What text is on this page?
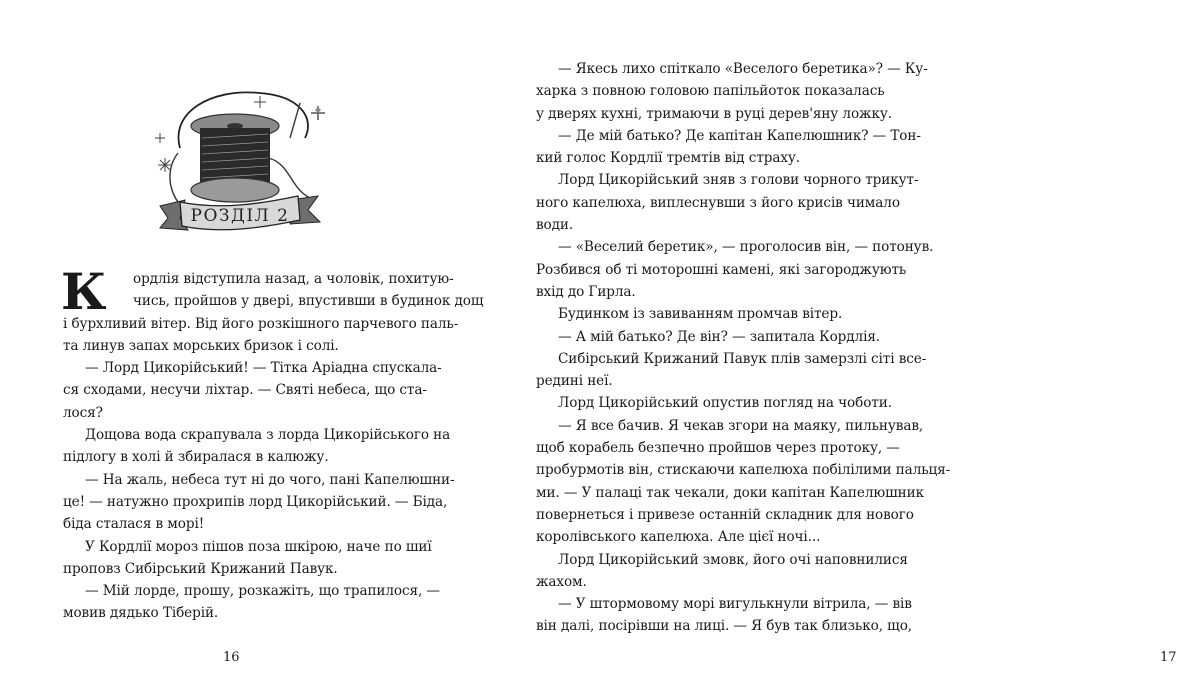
РОЗДІЛ 2
К	ордлія відступила назад, а чоловік, похитую-
чись, пройшов у двері, впустивши в будинок дощ
і бурхливий вітер. Від його розкішного парчевого паль-
та линув запах морських бризок і солі.
— Лорд Цикорійський! — Тітка Аріадна спускала-
ся сходами, несучи ліхтар. — Святі небеса, що ста-
лося?
Дощова вода скрапувала з лорда Цикорійського на
підлогу в холі й збиралася в калюжу.
— На жаль, небеса тут ні до чого, пані Капелюшни-
це! — натужно прохрипів лорд Цикорійський. — Біда,
біда сталася в морі!
У Кордлії мороз пішов поза шкірою, наче по шиї
проповз Сибірський Крижаний Павук.
— Мій лорде, прошу, розкажіть, що трапилося, —
мовив дядько Тіберій.
16	17
— Якесь лихо спіткало «Веселого беретика»? — Ку-
харка з повною головою папільйоток показалась
у дверях кухні, тримаючи в руці дерев'яну ложку.
— Де мій батько? Де капітан Капелюшник? — Тон-
кий голос Кордлії тремтів від страху.
Лорд Цикорійський зняв з голови чорного трикут-
ного капелюха, виплеснувши з його крисів чимало
води.
— «Веселий беретик», — проголосив він, — потонув.
Розбився об ті моторошні камені, які загороджують
вхід до Гирла.
Будинком із завиванням промчав вітер.
— А мій батько? Де він? — запитала Кордлія.
Сибірський Крижаний Павук плів замерзлі сіті все-
редині неї.
Лорд Цикорійський опустив погляд на чоботи.
— Я все бачив. Я чекав згори на маяку, пильнував,
щоб корабель безпечно пройшов через протоку, —
пробурмотів він, стискаючи капелюха побілілими пальця-
ми. — У палаці так чекали, доки капітан Капелюшник
повернеться і привезе останній складник для нового
королівського капелюха. Але цієї ночі...
Лорд Цикорійський змовк, його очі наповнилися
жахом.
— У штормовому морі вигулькнули вітрила, — вів
він далі, посірівши на лиці. — Я був так близько, що,
